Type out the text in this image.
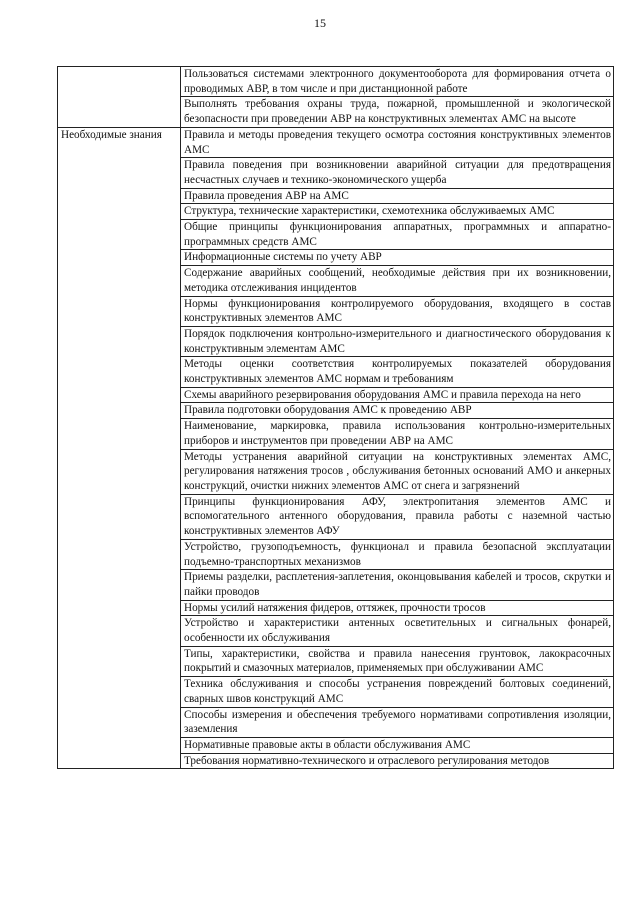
15
	Пользоваться системами электронного документооборота для формирования отчета о проводимых АВР, в том числе и при дистанционной работе
	Выполнять требования охраны труда, пожарной, промышленной и экологической безопасности при проведении АВР на конструктивных элементах АМС на высоте
Необходимые знания	Правила и методы проведения текущего осмотра состояния конструктивных элементов АМС
	Правила поведения при возникновении аварийной ситуации для предотвращения несчастных случаев и технико-экономического ущерба
	Правила проведения АВР на АМС
	Структура, технические характеристики, схемотехника обслуживаемых АМС
	Общие принципы функционирования аппаратных, программных и аппаратно-программных средств АМС
	Информационные системы по учету АВР
	Содержание аварийных сообщений, необходимые действия при их возникновении, методика отслеживания инцидентов
	Нормы функционирования контролируемого оборудования, входящего в состав конструктивных элементов АМС
	Порядок подключения контрольно-измерительного и диагностического оборудования к конструктивным элементам АМС
	Методы оценки соответствия контролируемых показателей оборудования конструктивных элементов АМС нормам и требованиям
	Схемы аварийного резервирования оборудования АМС и правила перехода на него
	Правила подготовки оборудования АМС к проведению АВР
	Наименование, маркировка, правила использования контрольно-измерительных приборов и инструментов при проведении АВР на АМС
	Методы устранения аварийной ситуации на конструктивных элементах АМС, регулирования натяжения тросов , обслуживания бетонных оснований АМО и анкерных конструкций, очистки нижних элементов АМС от снега и загрязнений
	Принципы функционирования АФУ, электропитания элементов АМС и вспомогательного антенного оборудования, правила работы с наземной частью конструктивных элементов АФУ
	Устройство, грузоподъемность, функционал и правила безопасной эксплуатации подъемно-транспортных механизмов
	Приемы разделки, расплетения-заплетения, оконцовывания кабелей и тросов, скрутки и пайки проводов
	Нормы усилий натяжения фидеров, оттяжек, прочности тросов
	Устройство и характеристики антенных осветительных и сигнальных фонарей, особенности их обслуживания
	Типы, характеристики, свойства и правила нанесения грунтовок, лакокрасочных покрытий и смазочных материалов, применяемых при обслуживании АМС
	Техника обслуживания и способы устранения повреждений болтовых соединений, сварных швов конструкций АМС
	Способы измерения и обеспечения требуемого нормативами сопротивления изоляции, заземления
	Нормативные правовые акты в области обслуживания АМС
	Требования нормативно-технического и отраслевого регулирования методов
